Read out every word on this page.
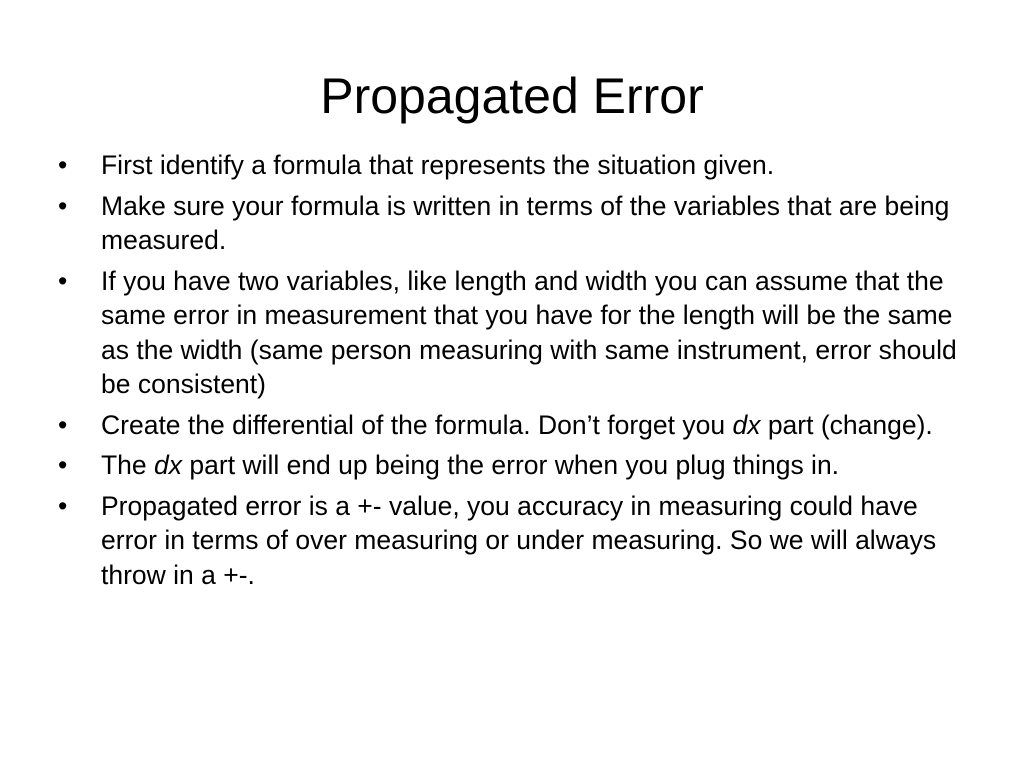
Propagated Error
•	First identify a formula that represents the situation given.
•	Make sure your formula is written in terms of the variables that are being measured.
•	If you have two variables, like length and width you can assume that the same error in measurement that you have for the length will be the same as the width (same person measuring with same instrument, error should be consistent)
•	Create the differential of the formula. Don’t forget you dx part (change).
•	The dx part will end up being the error when you plug things in.
•	Propagated error is a +- value, you accuracy in measuring could have error in terms of over measuring or under measuring. So we will always throw in a +-.
